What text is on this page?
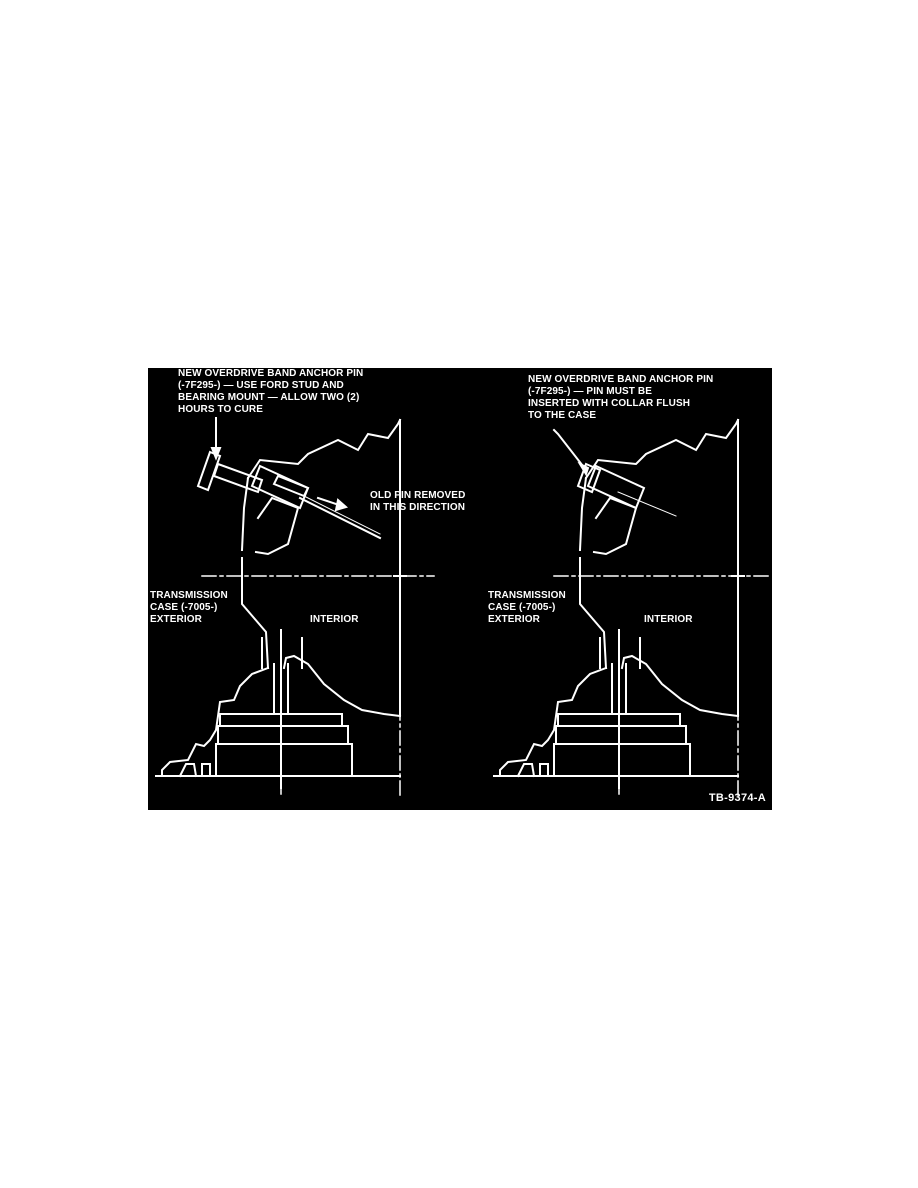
NEW OVERDRIVE BAND ANCHOR PIN
(-7F295-) — USE FORD STUD AND
BEARING MOUNT — ALLOW TWO (2)
HOURS TO CURE
OLD PIN REMOVED
IN THIS DIRECTION
TRANSMISSION
CASE (-7005-)
EXTERIOR	INTERIOR
NEW OVERDRIVE BAND ANCHOR PIN
(-7F295-) — PIN MUST BE
INSERTED WITH COLLAR FLUSH
TO THE CASE
TRANSMISSION
CASE (-7005-)
EXTERIOR	INTERIOR
TB-9374-A
